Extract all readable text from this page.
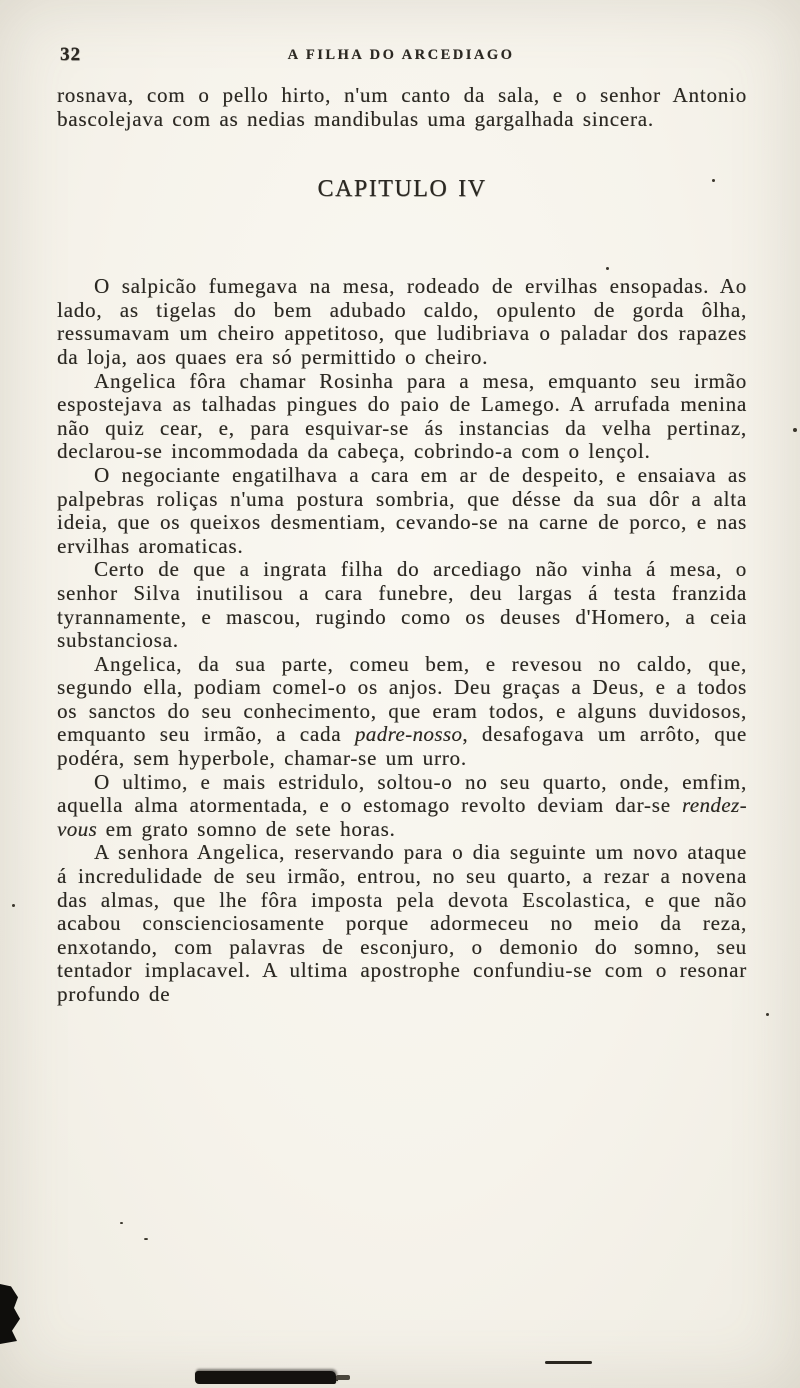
32	A FILHA DO ARCEDIAGO

rosnava, com o pello hirto, n'um canto da sala, e o senhor Antonio bascolejava com as nedias mandibulas uma gargalhada sincera.

CAPITULO IV

O salpicão fumegava na mesa, rodeado de ervilhas ensopadas. Ao lado, as tigelas do bem adubado caldo, opulento de gorda ôlha, ressumavam um cheiro appetitoso, que ludibriava o paladar dos rapazes da loja, aos quaes era só permittido o cheiro.

Angelica fôra chamar Rosinha para a mesa, emquanto seu irmão espostejava as talhadas pingues do paio de Lamego. A arrufada menina não quiz cear, e, para esquivar-se ás instancias da velha pertinaz, declarou-se incommodada da cabeça, cobrindo-a com o lençol.

O negociante engatilhava a cara em ar de despeito, e ensaiava as palpebras roliças n'uma postura sombria, que désse da sua dôr a alta ideia, que os queixos desmentiam, cevando-se na carne de porco, e nas ervilhas aromaticas.

Certo de que a ingrata filha do arcediago não vinha á mesa, o senhor Silva inutilisou a cara funebre, deu largas á testa franzida tyrannamente, e mascou, rugindo como os deuses d'Homero, a ceia substanciosa.

Angelica, da sua parte, comeu bem, e revesou no caldo, que, segundo ella, podiam comel-o os anjos. Deu graças a Deus, e a todos os sanctos do seu conhecimento, que eram todos, e alguns duvidosos, emquanto seu irmão, a cada padre-nosso, desafogava um arrôto, que podéra, sem hyperbole, chamar-se um urro.

O ultimo, e mais estridulo, soltou-o no seu quarto, onde, emfim, aquella alma atormentada, e o estomago revolto deviam dar-se rendez-vous em grato somno de sete horas.

A senhora Angelica, reservando para o dia seguinte um novo ataque á incredulidade de seu irmão, entrou, no seu quarto, a rezar a novena das almas, que lhe fôra imposta pela devota Escolastica, e que não acabou conscienciosamente porque adormeceu no meio da reza, enxotando, com palavras de esconjuro, o demonio do somno, seu tentador implacavel. A ultima apostrophe confundiu-se com o resonar profundo de
